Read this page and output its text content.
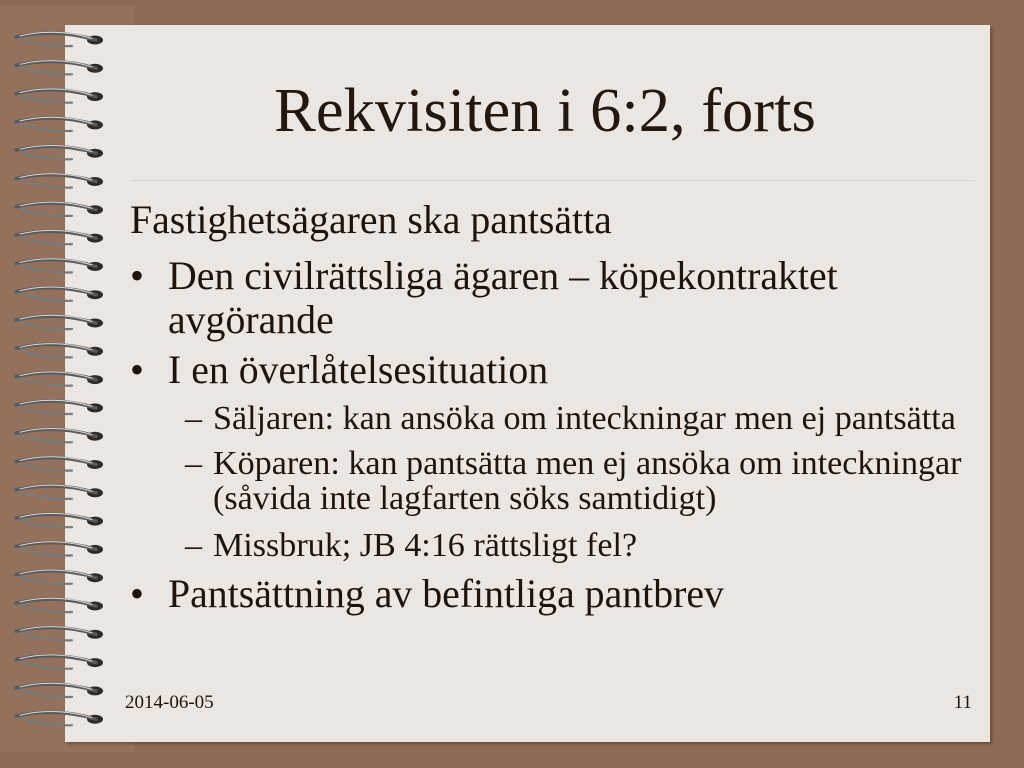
Rekvisiten i 6:2, forts

Fastighetsägaren ska pantsätta

• Den civilrättsliga ägaren – köpekontraktet avgörande

• I en överlåtelsesituation

– Säljaren: kan ansöka om inteckningar men ej pantsätta

– Köparen: kan pantsätta men ej ansöka om inteckningar (såvida inte lagfarten söks samtidigt)

– Missbruk; JB 4:16 rättsligt fel?

• Pantsättning av befintliga pantbrev

2014-06-05	11
